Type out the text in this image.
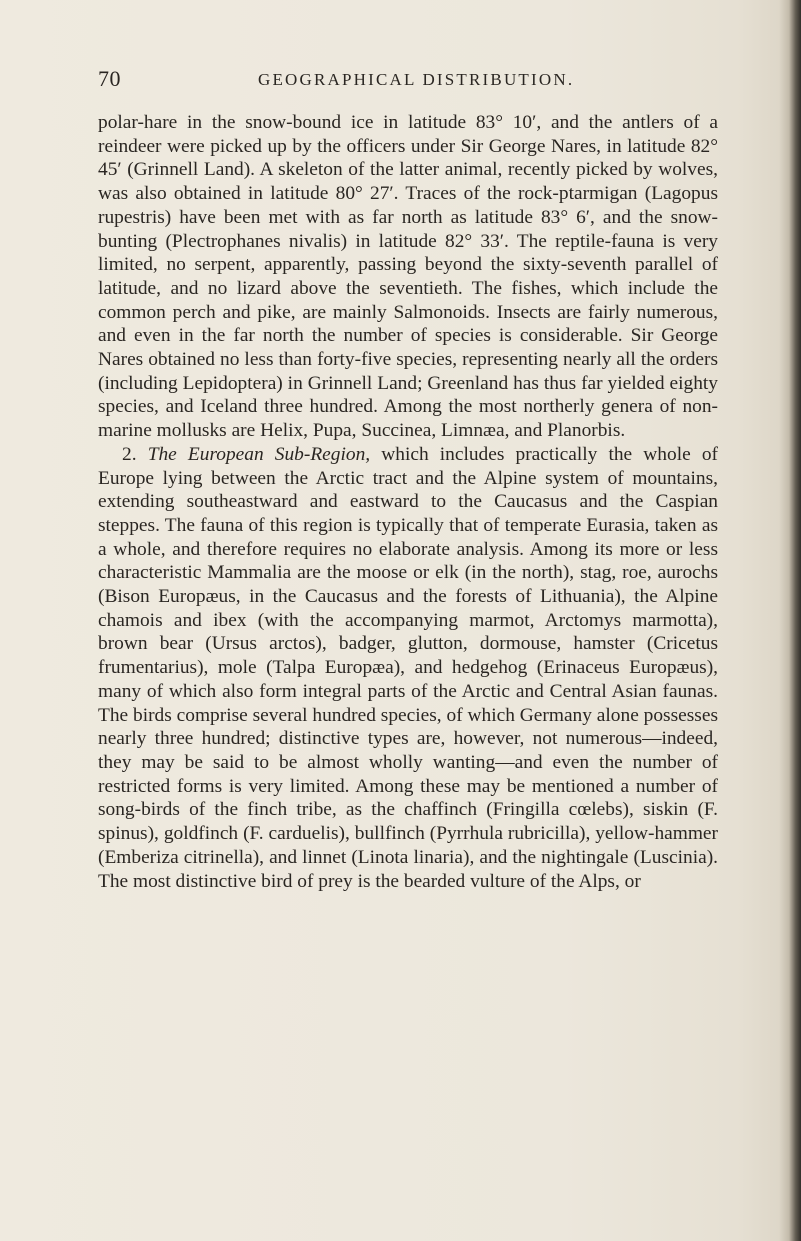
70	GEOGRAPHICAL DISTRIBUTION.

polar-hare in the snow-bound ice in latitude 83° 10′, and the antlers of a reindeer were picked up by the officers under Sir George Nares, in latitude 82° 45′ (Grinnell Land). A skeleton of the latter animal, recently picked by wolves, was also obtained in latitude 80° 27′. Traces of the rock-ptarmigan (Lagopus rupestris) have been met with as far north as latitude 83° 6′, and the snow-bunting (Plectrophanes nivalis) in latitude 82° 33′. The reptile-fauna is very limited, no serpent, apparently, passing beyond the sixty-seventh parallel of latitude, and no lizard above the seventieth. The fishes, which include the common perch and pike, are mainly Salmonoids. Insects are fairly numerous, and even in the far north the number of species is considerable. Sir George Nares obtained no less than forty-five species, representing nearly all the orders (including Lepidoptera) in Grinnell Land; Greenland has thus far yielded eighty species, and Iceland three hundred. Among the most northerly genera of non-marine mollusks are Helix, Pupa, Succinea, Limnæa, and Planorbis.

2. The European Sub-Region, which includes practically the whole of Europe lying between the Arctic tract and the Alpine system of mountains, extending southeastward and eastward to the Caucasus and the Caspian steppes. The fauna of this region is typically that of temperate Eurasia, taken as a whole, and therefore requires no elaborate analysis. Among its more or less characteristic Mammalia are the moose or elk (in the north), stag, roe, aurochs (Bison Europæus, in the Caucasus and the forests of Lithuania), the Alpine chamois and ibex (with the accompanying marmot, Arctomys marmotta), brown bear (Ursus arctos), badger, glutton, dormouse, hamster (Cricetus frumentarius), mole (Talpa Europæa), and hedgehog (Erinaceus Europæus), many of which also form integral parts of the Arctic and Central Asian faunas. The birds comprise several hundred species, of which Germany alone possesses nearly three hundred; distinctive types are, however, not numerous—indeed, they may be said to be almost wholly wanting—and even the number of restricted forms is very limited. Among these may be mentioned a number of song-birds of the finch tribe, as the chaffinch (Fringilla cœlebs), siskin (F. spinus), goldfinch (F. carduelis), bullfinch (Pyrrhula rubricilla), yellow-hammer (Emberiza citrinella), and linnet (Linota linaria), and the nightingale (Luscinia). The most distinctive bird of prey is the bearded vulture of the Alps, or
